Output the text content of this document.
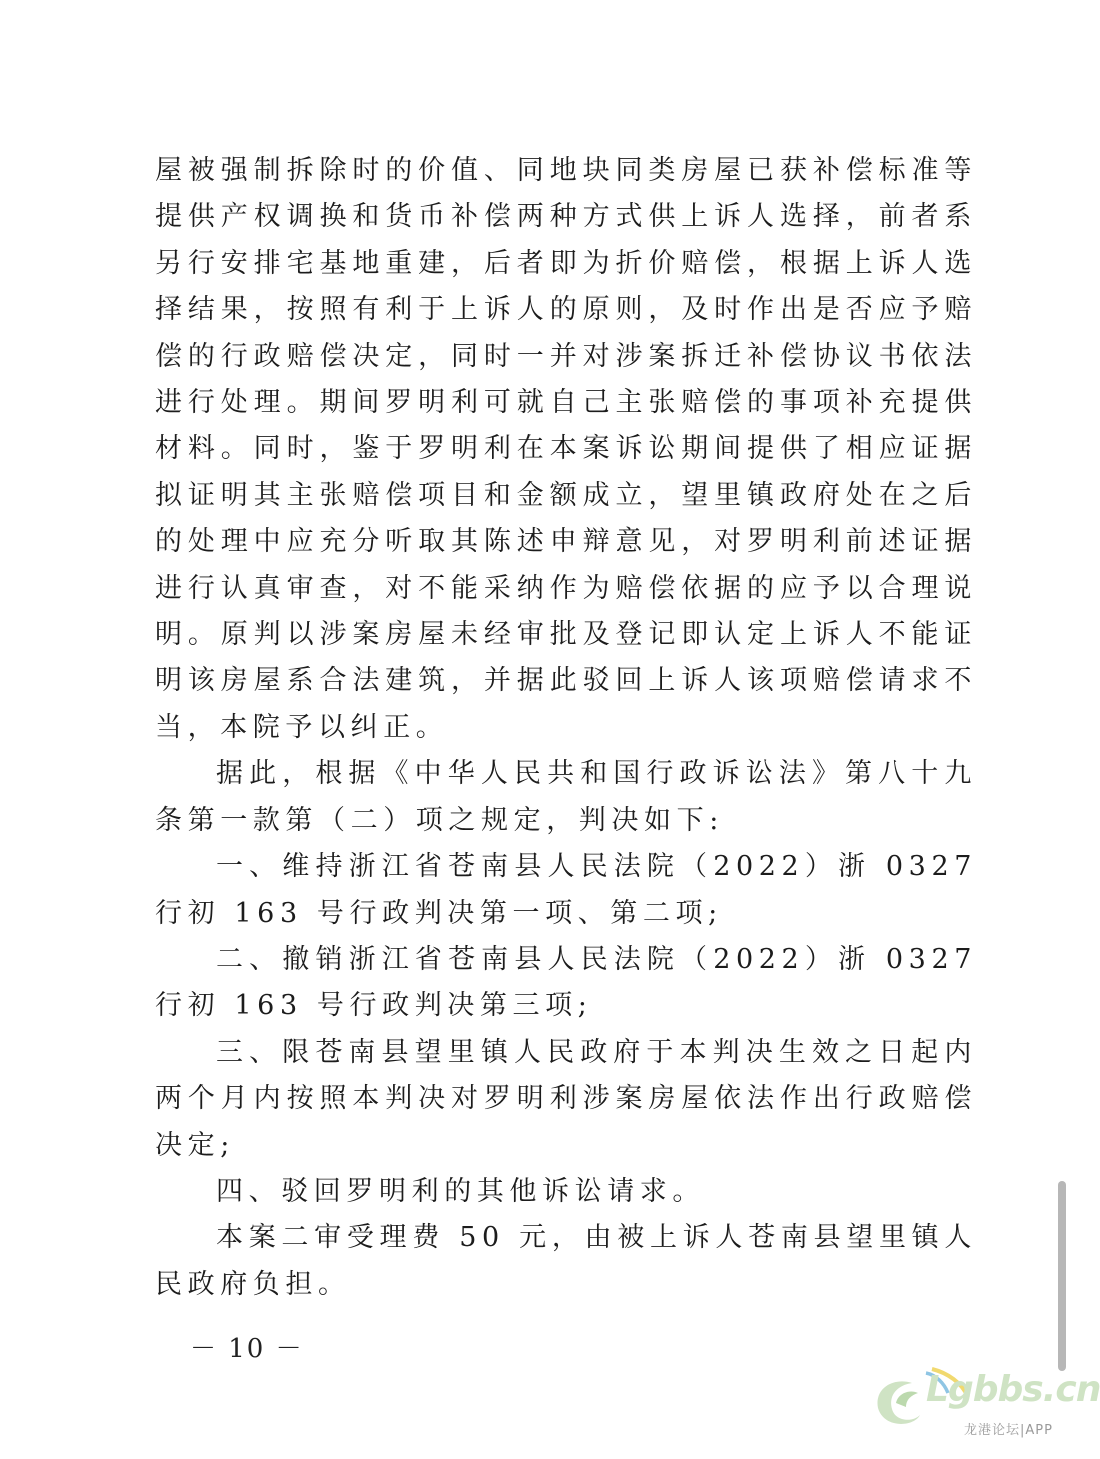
屋被强制拆除时的价值、同地块同类房屋已获补偿标准等提供产权调换和货币补偿两种方式供上诉人选择，前者系另行安排宅基地重建，后者即为折价赔偿，根据上诉人选择结果，按照有利于上诉人的原则，及时作出是否应予赔偿的行政赔偿决定，同时一并对涉案拆迁补偿协议书依法进行处理。期间罗明利可就自己主张赔偿的事项补充提供材料。同时，鉴于罗明利在本案诉讼期间提供了相应证据拟证明其主张赔偿项目和金额成立，望里镇政府处在之后的处理中应充分听取其陈述申辩意见，对罗明利前述证据进行认真审查，对不能采纳作为赔偿依据的应予以合理说明。原判以涉案房屋未经审批及登记即认定上诉人不能证明该房屋系合法建筑，并据此驳回上诉人该项赔偿请求不当，本院予以纠正。

据此，根据《中华人民共和国行政诉讼法》第八十九条第一款第（二）项之规定，判决如下:

一、维持浙江省苍南县人民法院（2022）浙 0327 行初 163 号行政判决第一项、第二项;

二、撤销浙江省苍南县人民法院（2022）浙 0327 行初 163 号行政判决第三项;

三、限苍南县望里镇人民政府于本判决生效之日起内两个月内按照本判决对罗明利涉案房屋依法作出行政赔偿决定;

四、驳回罗明利的其他诉讼请求。

本案二审受理费 50 元，由被上诉人苍南县望里镇人民政府负担。

－ 10 －
Lgbbs.cn
龙港论坛|APP
